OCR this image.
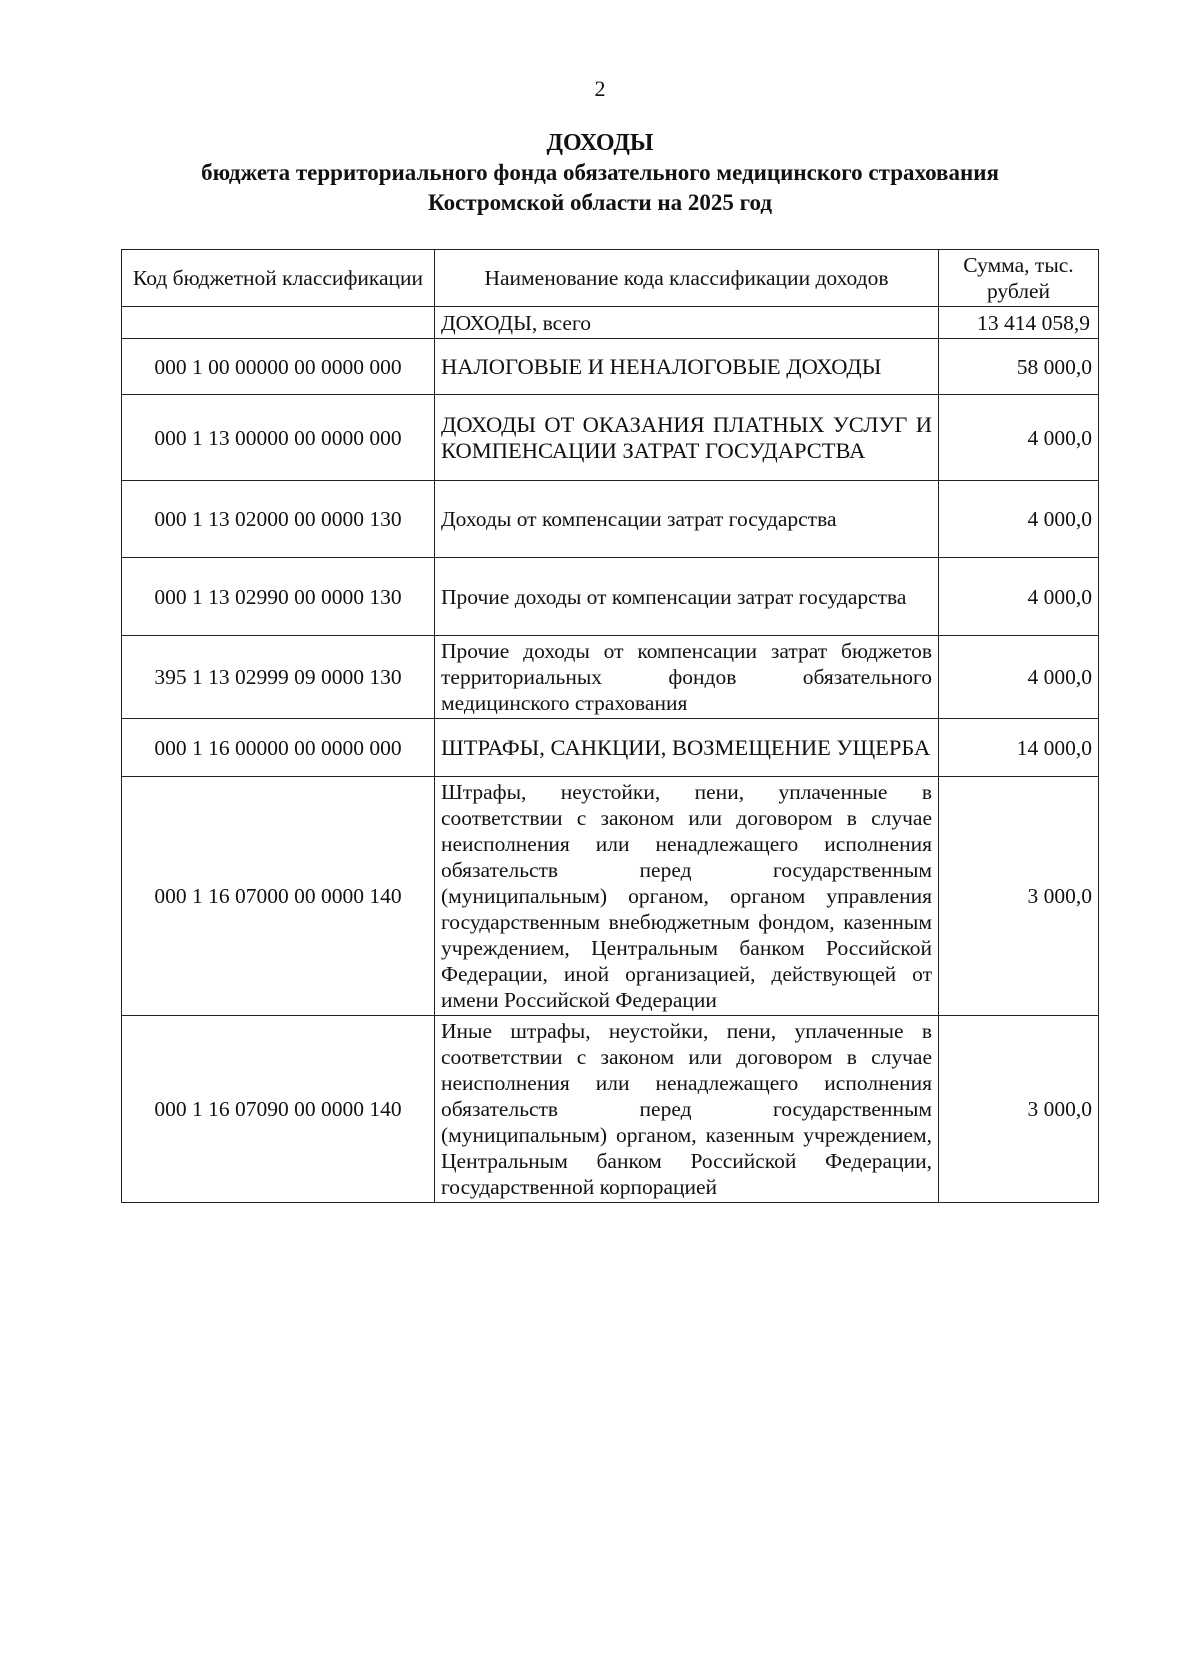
2
ДОХОДЫ
бюджета территориального фонда обязательного медицинского страхования
Костромской области на 2025 год
Код бюджетной классификации	Наименование кода классификации доходов	Сумма, тыс. рублей
	ДОХОДЫ, всего	13 414 058,9
000 1 00 00000 00 0000 000	НАЛОГОВЫЕ И НЕНАЛОГОВЫЕ ДОХОДЫ	58 000,0
000 1 13 00000 00 0000 000	ДОХОДЫ ОТ ОКАЗАНИЯ ПЛАТНЫХ УСЛУГ И КОМПЕНСАЦИИ ЗАТРАТ ГОСУДАРСТВА	4 000,0
000 1 13 02000 00 0000 130	Доходы от компенсации затрат государства	4 000,0
000 1 13 02990 00 0000 130	Прочие доходы от компенсации затрат государства	4 000,0
395 1 13 02999 09 0000 130	Прочие доходы от компенсации затрат бюджетов территориальных фондов обязательного медицинского страхования	4 000,0
000 1 16 00000 00 0000 000	ШТРАФЫ, САНКЦИИ, ВОЗМЕЩЕНИЕ УЩЕРБА	14 000,0
000 1 16 07000 00 0000 140	Штрафы, неустойки, пени, уплаченные в соответствии с законом или договором в случае неисполнения или ненадлежащего исполнения обязательств перед государственным (муниципальным) органом, органом управления государственным внебюджетным фондом, казенным учреждением, Центральным банком Российской Федерации, иной организацией, действующей от имени Российской Федерации	3 000,0
000 1 16 07090 00 0000 140	Иные штрафы, неустойки, пени, уплаченные в соответствии с законом или договором в случае неисполнения или ненадлежащего исполнения обязательств перед государственным (муниципальным) органом, казенным учреждением, Центральным банком Российской Федерации, государственной корпорацией	3 000,0
